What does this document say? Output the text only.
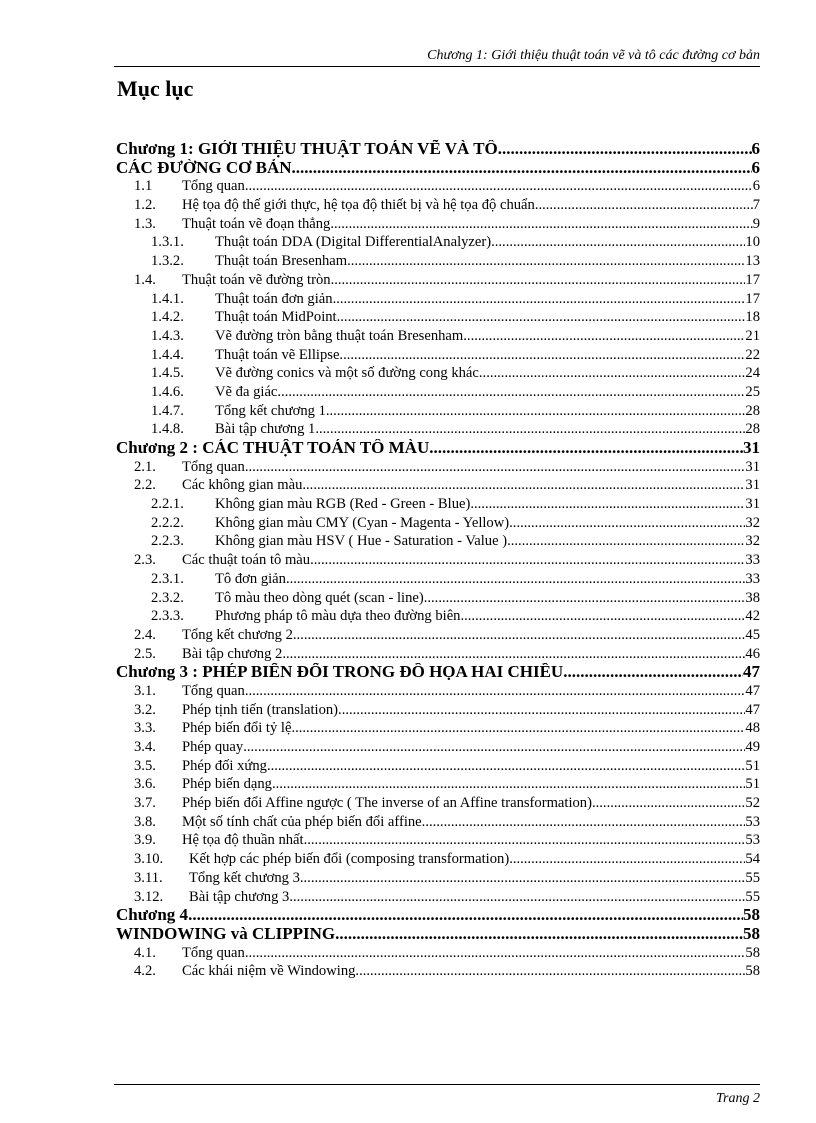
Chương 1: Giới thiệu thuật toán vẽ và tô các đường cơ bản
Mục lục
Chương 1: GIỚI THIỆU THUẬT TOÁN VẼ VÀ TÔ .....	6
CÁC ĐƯỜNG CƠ BẢN .....	6
1.1	Tổng quan .....	6
1.2.	Hệ tọa độ thế giới thực, hệ tọa độ thiết bị và hệ tọa độ chuẩn .....	7
1.3.	Thuật toán vẽ đoạn thẳng .....	9
1.3.1.	Thuật toán DDA (Digital DifferentialAnalyzer) .....	10
1.3.2.	Thuật toán Bresenham .....	13
1.4.	Thuật toán vẽ đường tròn .....	17
1.4.1.	Thuật toán đơn giản .....	17
1.4.2.	Thuật toán MidPoint .....	18
1.4.3.	Vẽ đường tròn bằng thuật toán Bresenham .....	21
1.4.4.	Thuật toán vẽ Ellipse .....	22
1.4.5.	Vẽ đường conics và một số đường cong khác .....	24
1.4.6.	Vẽ đa giác .....	25
1.4.7.	Tổng kết chương 1 .....	28
1.4.8.	Bài tập chương 1 .....	28
Chương 2 : CÁC THUẬT TOÁN TÔ MÀU .....	31
2.1.	Tổng quan .....	31
2.2.	Các không gian màu .....	31
2.2.1.	Không gian màu RGB (Red - Green - Blue) .....	31
2.2.2.	Không gian màu CMY (Cyan - Magenta - Yellow) .....	32
2.2.3.	Không gian màu HSV ( Hue - Saturation - Value ) .....	32
2.3.	Các thuật toán tô màu .....	33
2.3.1.	Tô đơn giản .....	33
2.3.2.	Tô màu theo dòng quét (scan - line) .....	38
2.3.3.	Phương pháp tô màu dựa theo đường biên .....	42
2.4.	Tổng kết chương 2 .....	45
2.5.	Bài tập chương 2 .....	46
Chương 3 : PHÉP BIẾN ĐỔI TRONG ĐỒ HỌA HAI CHIỀU .....	47
3.1.	Tổng quan .....	47
3.2.	Phép tịnh tiến (translation) .....	47
3.3.	Phép biến đổi tỷ lệ .....	48
3.4.	Phép quay .....	49
3.5.	Phép đối xứng .....	51
3.6.	Phép biến dạng .....	51
3.7.	Phép biến đổi Affine ngược ( The inverse of an Affine transformation) .....	52
3.8.	Một số tính chất của phép biến đổi affine .....	53
3.9.	Hệ tọa độ thuần nhất .....	53
3.10.	Kết hợp các phép biến đổi (composing transformation) .....	54
3.11.	Tổng kết chương 3 .....	55
3.12.	Bài tập chương 3 .....	55
Chương 4 .....	58
WINDOWING và CLIPPING .....	58
4.1.	Tổng quan .....	58
4.2.	Các khái niệm về Windowing .....	58
Trang 2
